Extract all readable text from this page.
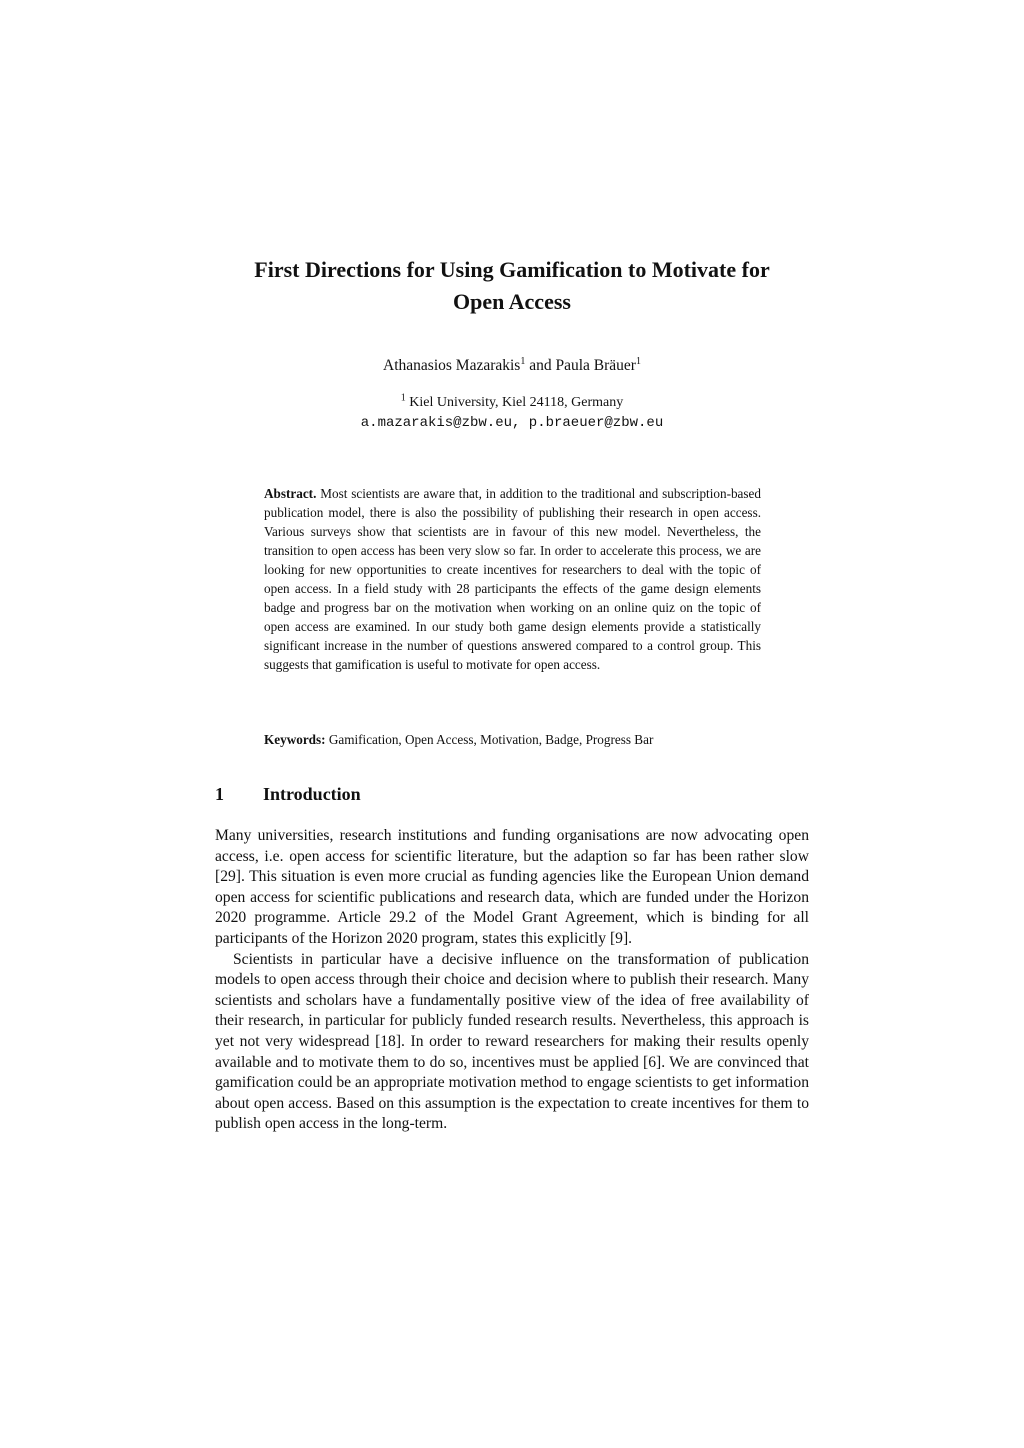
First Directions for Using Gamification to Motivate for
Open Access
Athanasios Mazarakis$^1$ and Paula Bräuer$^1$
$^1$ Kiel University, Kiel 24118, Germany
a.mazarakis@zbw.eu, p.braeuer@zbw.eu
Abstract. Most scientists are aware that, in addition to the traditional and subscription-based publication model, there is also the possibility of publishing their research in open access. Various surveys show that scientists are in favour of this new model. Nevertheless, the transition to open access has been very slow so far. In order to accelerate this process, we are looking for new opportunities to create incentives for researchers to deal with the topic of open access. In a field study with 28 participants the effects of the game design elements badge and progress bar on the motivation when working on an online quiz on the topic of open access are examined. In our study both game design elements provide a statistically significant increase in the number of questions answered compared to a control group. This suggests that gamification is useful to motivate for open access.
Keywords: Gamification, Open Access, Motivation, Badge, Progress Bar
1	Introduction

Many universities, research institutions and funding organisations are now advocating open access, i.e. open access for scientific literature, but the adaption so far has been rather slow [29]. This situation is even more crucial as funding agencies like the European Union demand open access for scientific publications and research data, which are funded under the Horizon 2020 programme. Article 29.2 of the Model Grant Agreement, which is binding for all participants of the Horizon 2020 program, states this explicitly [9].

Scientists in particular have a decisive influence on the transformation of publication models to open access through their choice and decision where to publish their research. Many scientists and scholars have a fundamentally positive view of the idea of free availability of their research, in particular for publicly funded research results. Nevertheless, this approach is yet not very widespread [18]. In order to reward researchers for making their results openly available and to motivate them to do so, incentives must be applied [6]. We are convinced that gamification could be an appropriate motivation method to engage scientists to get information about open access. Based on this assumption is the expectation to create incentives for them to publish open access in the long-term.
